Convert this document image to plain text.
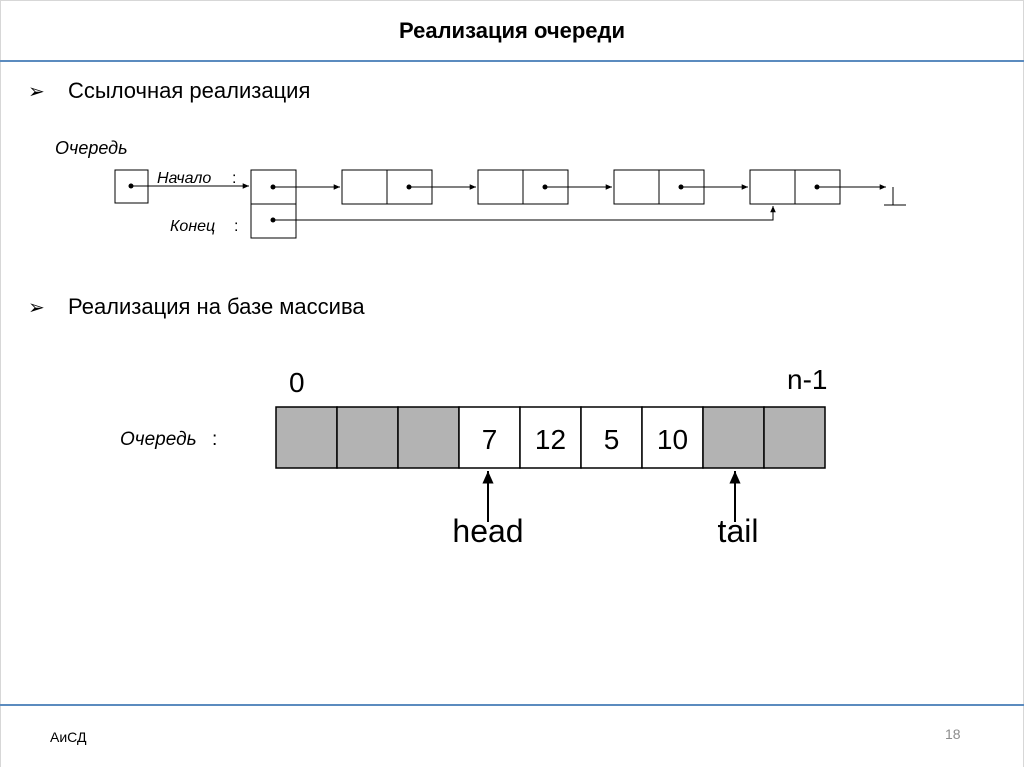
Реализация очереди
➢	Ссылочная реализация
Очередь
Начало :
Конец :
➢	Реализация на базе массива
Очередь :
0	n-1
7 12 5 10
head	tail
АиСД	18
